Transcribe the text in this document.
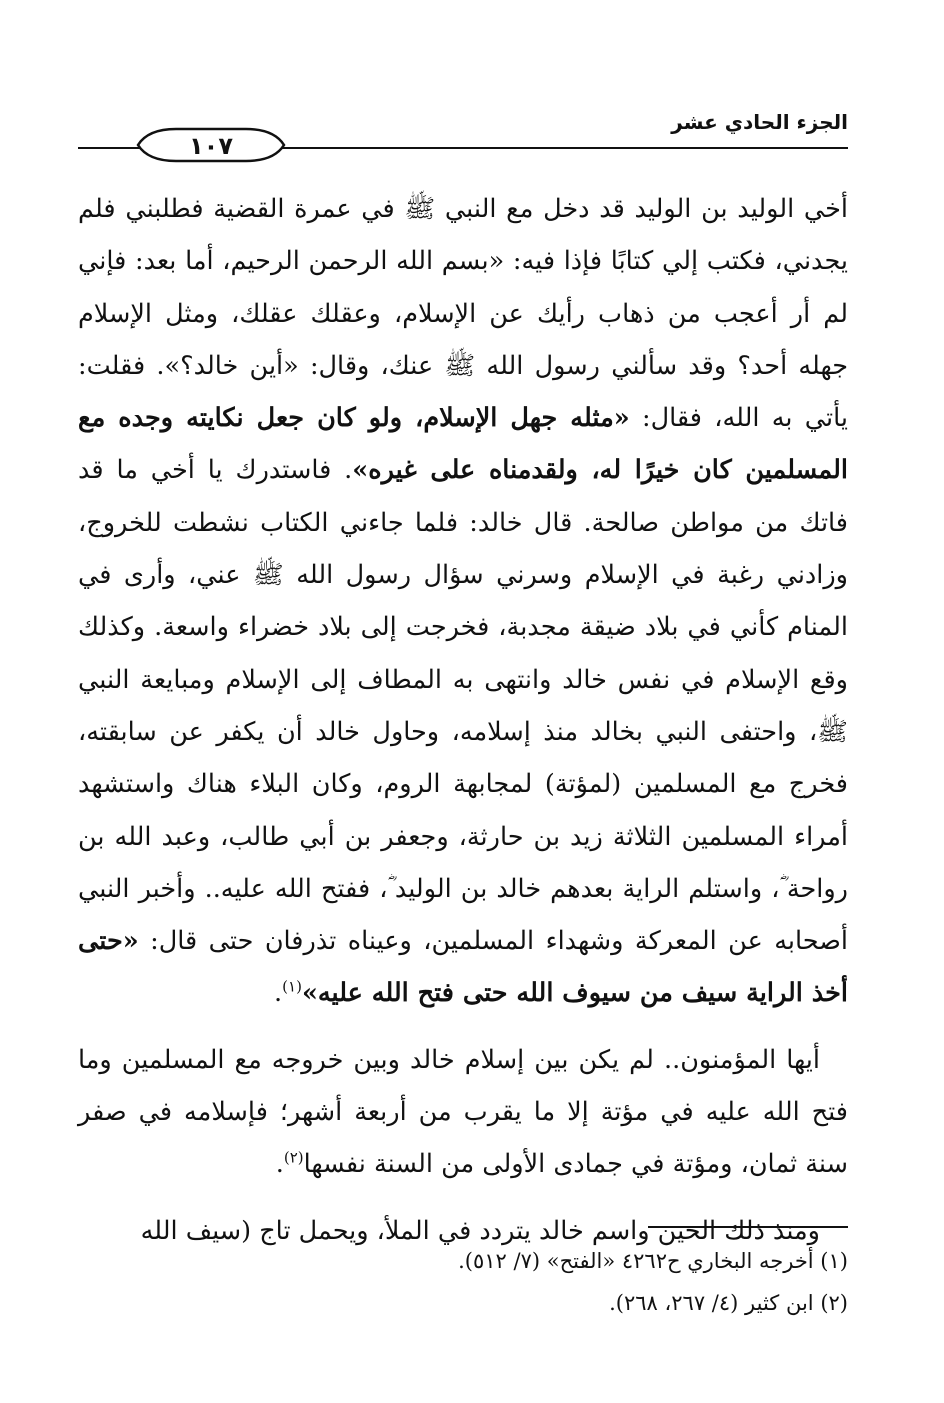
الجزء الحادي عشر
١٠٧

أخي الوليد بن الوليد قد دخل مع النبي ﷺ في عمرة القضية فطلبني فلم يجدني، فكتب إلي كتابًا فإذا فيه: «بسم الله الرحمن الرحيم، أما بعد: فإني لم أر أعجب من ذهاب رأيك عن الإسلام، وعقلك عقلك، ومثل الإسلام جهله أحد؟ وقد سألني رسول الله ﷺ عنك، وقال: «أين خالد؟». فقلت: يأتي به الله، فقال: «مثله جهل الإسلام، ولو كان جعل نكايته وجده مع المسلمين كان خيرًا له، ولقدمناه على غيره». فاستدرك يا أخي ما قد فاتك من مواطن صالحة. قال خالد: فلما جاءني الكتاب نشطت للخروج، وزادني رغبة في الإسلام وسرني سؤال رسول الله ﷺ عني، وأرى في المنام كأني في بلاد ضيقة مجدبة، فخرجت إلى بلاد خضراء واسعة. وكذلك وقع الإسلام في نفس خالد وانتهى به المطاف إلى الإسلام ومبايعة النبي ﷺ، واحتفى النبي بخالد منذ إسلامه، وحاول خالد أن يكفر عن سابقته، فخرج مع المسلمين (لمؤتة) لمجابهة الروم، وكان البلاء هناك واستشهد أمراء المسلمين الثلاثة زيد بن حارثة، وجعفر بن أبي طالب، وعبد الله بن رواحة ؓ، واستلم الراية بعدهم خالد بن الوليد ؓ، ففتح الله عليه.. وأخبر النبي أصحابه عن المعركة وشهداء المسلمين، وعيناه تذرفان حتى قال: «حتى أخذ الراية سيف من سيوف الله حتى فتح الله عليه»$^{(١)}$.

أيها المؤمنون.. لم يكن بين إسلام خالد وبين خروجه مع المسلمين وما فتح الله عليه في مؤتة إلا ما يقرب من أربعة أشهر؛ فإسلامه في صفر سنة ثمان، ومؤتة في جمادى الأولى من السنة نفسها$^{(٢)}$.

ومنذ ذلك الحين واسم خالد يتردد في الملأ، ويحمل تاج (سيف الله

(١) أخرجه البخاري ح٤٢٦٢ «الفتح» (٧/ ٥١٢).

(٢) ابن كثير (٤/ ٢٦٧، ٢٦٨).
